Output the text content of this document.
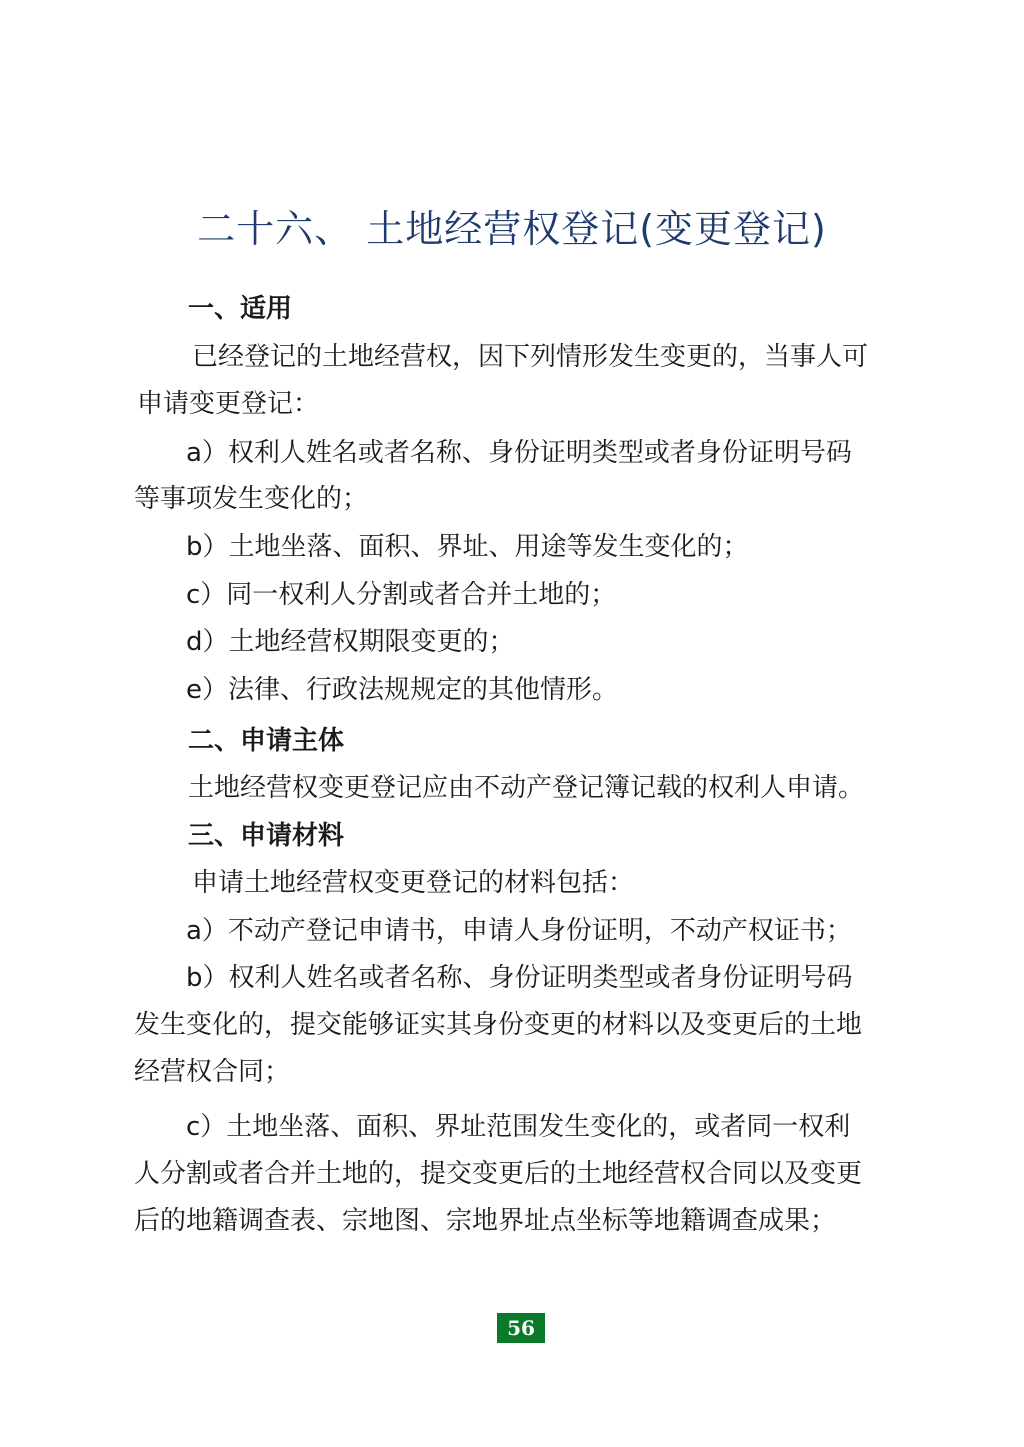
二十六、 土地经营权登记(变更登记)
一、适用
已经登记的土地经营权，因下列情形发生变更的，当事人可
申请变更登记：
a）权利人姓名或者名称、身份证明类型或者身份证明号码
等事项发生变化的；
b）土地坐落、面积、界址、用途等发生变化的；
c）同一权利人分割或者合并土地的；
d）土地经营权期限变更的；
e）法律、行政法规规定的其他情形。
二、申请主体
土地经营权变更登记应由不动产登记簿记载的权利人申请。
三、申请材料
申请土地经营权变更登记的材料包括：
a）不动产登记申请书，申请人身份证明，不动产权证书；
b）权利人姓名或者名称、身份证明类型或者身份证明号码
发生变化的，提交能够证实其身份变更的材料以及变更后的土地
经营权合同；
c）土地坐落、面积、界址范围发生变化的，或者同一权利
人分割或者合并土地的，提交变更后的土地经营权合同以及变更
后的地籍调查表、宗地图、宗地界址点坐标等地籍调查成果；
56
